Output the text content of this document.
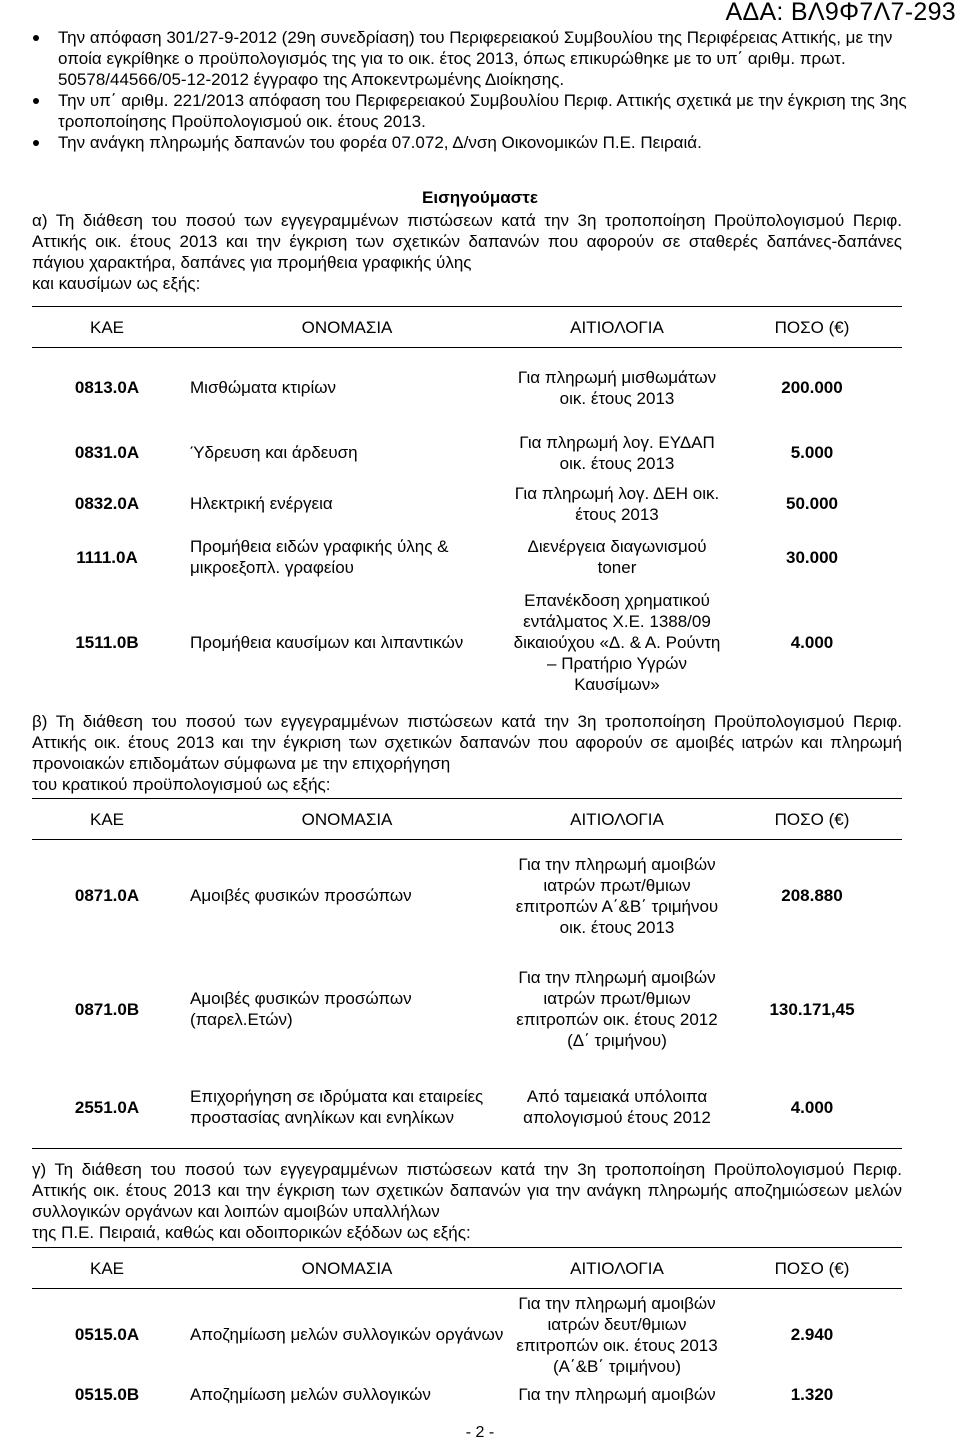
ΑΔΑ: ΒΛ9Φ7Λ7-293
Την απόφαση 301/27-9-2012 (29η συνεδρίαση) του Περιφερειακού Συμβουλίου της Περιφέρειας Αττικής, με την οποία εγκρίθηκε ο προϋπολογισμός της για το οικ. έτος 2013, όπως επικυρώθηκε με το υπ΄ αριθμ. πρωτ. 50578/44566/05-12-2012 έγγραφο της Αποκεντρωμένης Διοίκησης.
Την υπ΄ αριθμ. 221/2013 απόφαση του Περιφερειακού Συμβουλίου Περιφ. Αττικής σχετικά με την έγκριση της 3ης τροποποίησης Προϋπολογισμού οικ. έτους 2013.
Την ανάγκη πληρωμής δαπανών του φορέα 07.072, Δ/νση Οικονομικών Π.Ε. Πειραιά.
Εισηγούμαστε
α) Τη διάθεση του ποσού των εγγεγραμμένων πιστώσεων κατά την 3η τροποποίηση Προϋπολογισμού Περιφ. Αττικής οικ. έτους 2013 και την έγκριση των σχετικών δαπανών που αφορούν σε σταθερές δαπάνες-δαπάνες πάγιου χαρακτήρα, δαπάνες για προμήθεια γραφικής ύλης
και καυσίμων ως εξής:
ΚΑΕ	ΟΝΟΜΑΣΙΑ	ΑΙΤΙΟΛΟΓΙΑ	ΠΟΣΟ (€)
0813.0Α	Μισθώματα κτιρίων	Για πληρωμή μισθωμάτων οικ. έτους 2013	200.000
0831.0Α	Ύδρευση και άρδευση	Για πληρωμή λογ. ΕΥΔΑΠ οικ. έτους 2013	5.000
0832.0Α	Ηλεκτρική ενέργεια	Για πληρωμή λογ. ΔΕΗ οικ. έτους 2013	50.000
1111.0Α	Προμήθεια ειδών γραφικής ύλης & μικροεξοπλ. γραφείου	Διενέργεια διαγωνισμού toner	30.000
1511.0Β	Προμήθεια καυσίμων και λιπαντικών	Επανέκδοση χρηματικού εντάλματος Χ.Ε. 1388/09 δικαιούχου «Δ. & Α. Ρούντη – Πρατήριο Υγρών Καυσίμων»	4.000
β) Τη διάθεση του ποσού των εγγεγραμμένων πιστώσεων κατά την 3η τροποποίηση Προϋπολογισμού Περιφ. Αττικής οικ. έτους 2013 και την έγκριση των σχετικών δαπανών που αφορούν σε αμοιβές ιατρών και πληρωμή προνοιακών επιδομάτων σύμφωνα με την επιχορήγηση
του κρατικού προϋπολογισμού ως εξής:
ΚΑΕ	ΟΝΟΜΑΣΙΑ	ΑΙΤΙΟΛΟΓΙΑ	ΠΟΣΟ (€)
0871.0Α	Αμοιβές φυσικών προσώπων	Για την πληρωμή αμοιβών ιατρών πρωτ/θμιων επιτροπών Α΄&Β΄ τριμήνου οικ. έτους 2013	208.880
0871.0Β	Αμοιβές φυσικών προσώπων (παρελ.Ετών)	Για την πληρωμή αμοιβών ιατρών πρωτ/θμιων επιτροπών οικ. έτους 2012 (Δ΄ τριμήνου)	130.171,45
2551.0Α	Επιχορήγηση σε ιδρύματα και εταιρείες προστασίας ανηλίκων και ενηλίκων	Από ταμειακά υπόλοιπα απολογισμού έτους 2012	4.000
γ) Τη διάθεση του ποσού των εγγεγραμμένων πιστώσεων κατά την 3η τροποποίηση Προϋπολογισμού Περιφ. Αττικής οικ. έτους 2013 και την έγκριση των σχετικών δαπανών για την ανάγκη πληρωμής αποζημιώσεων μελών συλλογικών οργάνων και λοιπών αμοιβών υπαλλήλων
της Π.Ε. Πειραιά, καθώς και οδοιπορικών εξόδων ως εξής:
ΚΑΕ	ΟΝΟΜΑΣΙΑ	ΑΙΤΙΟΛΟΓΙΑ	ΠΟΣΟ (€)
0515.0Α	Αποζημίωση μελών συλλογικών οργάνων	Για την πληρωμή αμοιβών ιατρών δευτ/θμιων επιτροπών οικ. έτους 2013 (Α΄&Β΄ τριμήνου)	2.940
0515.0Β	Αποζημίωση μελών συλλογικών	Για την πληρωμή αμοιβών	1.320
- 2 -
